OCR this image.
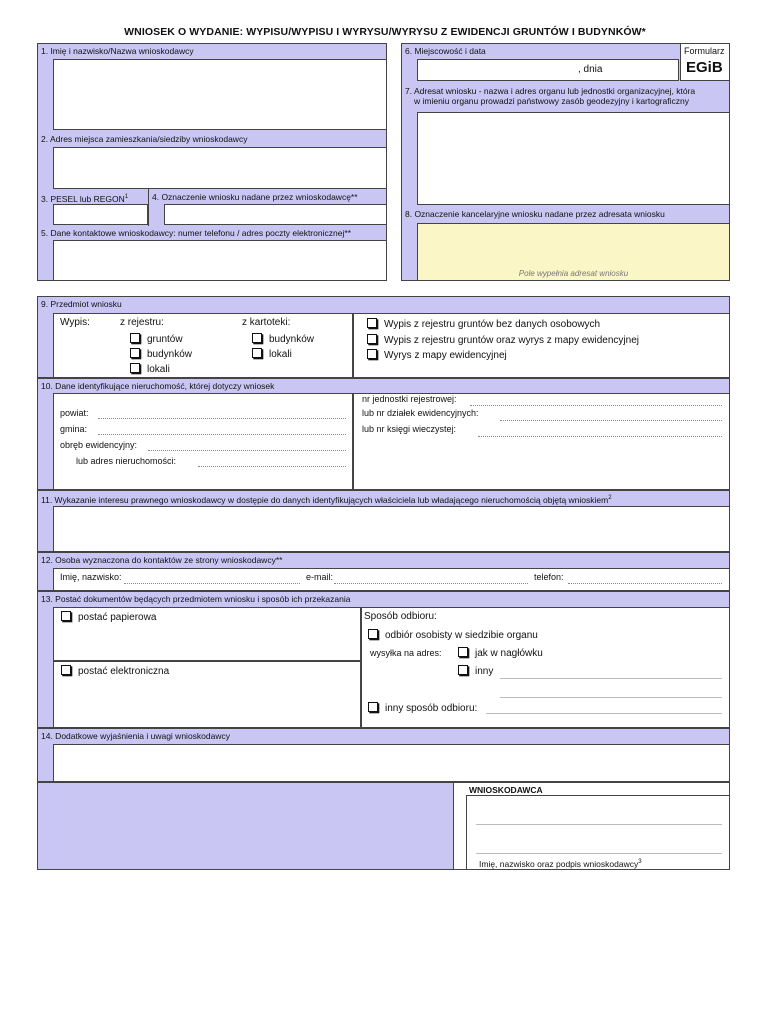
WNIOSEK O WYDANIE: WYPISU/WYPISU I WYRYSU/WYRYSU Z EWIDENCJI GRUNTÓW I BUDYNKÓW*
1. Imię i nazwisko/Nazwa wnioskodawcy
2. Adres miejsca zamieszkania/siedziby wnioskodawcy
3. PESEL lub REGON$^1$	4. Oznaczenie wniosku nadane przez wnioskodawcę**
5. Dane kontaktowe wnioskodawcy: numer telefonu / adres poczty elektronicznej**
6. Miejscowość i data
, dnia
Formularz
EGiB
7. Adresat wniosku - nazwa i adres organu lub jednostki organizacyjnej, która
w imieniu organu prowadzi państwowy zasób geodezyjny i kartograficzny
8. Oznaczenie kancelaryjne wniosku nadane przez adresata wniosku
Pole wypełnia adresat wniosku
9. Przedmiot wniosku
Wypis:	z rejestru:	z kartoteki:
gruntów
budynków
lokali
budynków
lokali
Wypis z rejestru gruntów bez danych osobowych
Wypis z rejestru gruntów oraz wyrys z mapy ewidencyjnej
Wyrys z mapy ewidencyjnej
10. Dane identyfikujące nieruchomość, której dotyczy wniosek
powiat:
gmina:
obręb ewidencyjny:
lub adres nieruchomości:
nr jednostki rejestrowej:
lub nr działek ewidencyjnych:
lub nr księgi wieczystej:
11. Wykazanie interesu prawnego wnioskodawcy w dostępie do danych identyfikujących właściciela lub władającego nieruchomością objętą wnioskiem$^2$
12. Osoba wyznaczona do kontaktów ze strony wnioskodawcy**
Imię, nazwisko:	e-mail:	telefon:
13. Postać dokumentów będących przedmiotem wniosku i sposób ich przekazania
postać papierowa
postać elektroniczna
Sposób odbioru:
odbiór osobisty w siedzibie organu
wysyłka na adres:	jak w nagłówku
inny
inny sposób odbioru:
14. Dodatkowe wyjaśnienia i uwagi wnioskodawcy
WNIOSKODAWCA
Imię, nazwisko oraz podpis wnioskodawcy$^3$
